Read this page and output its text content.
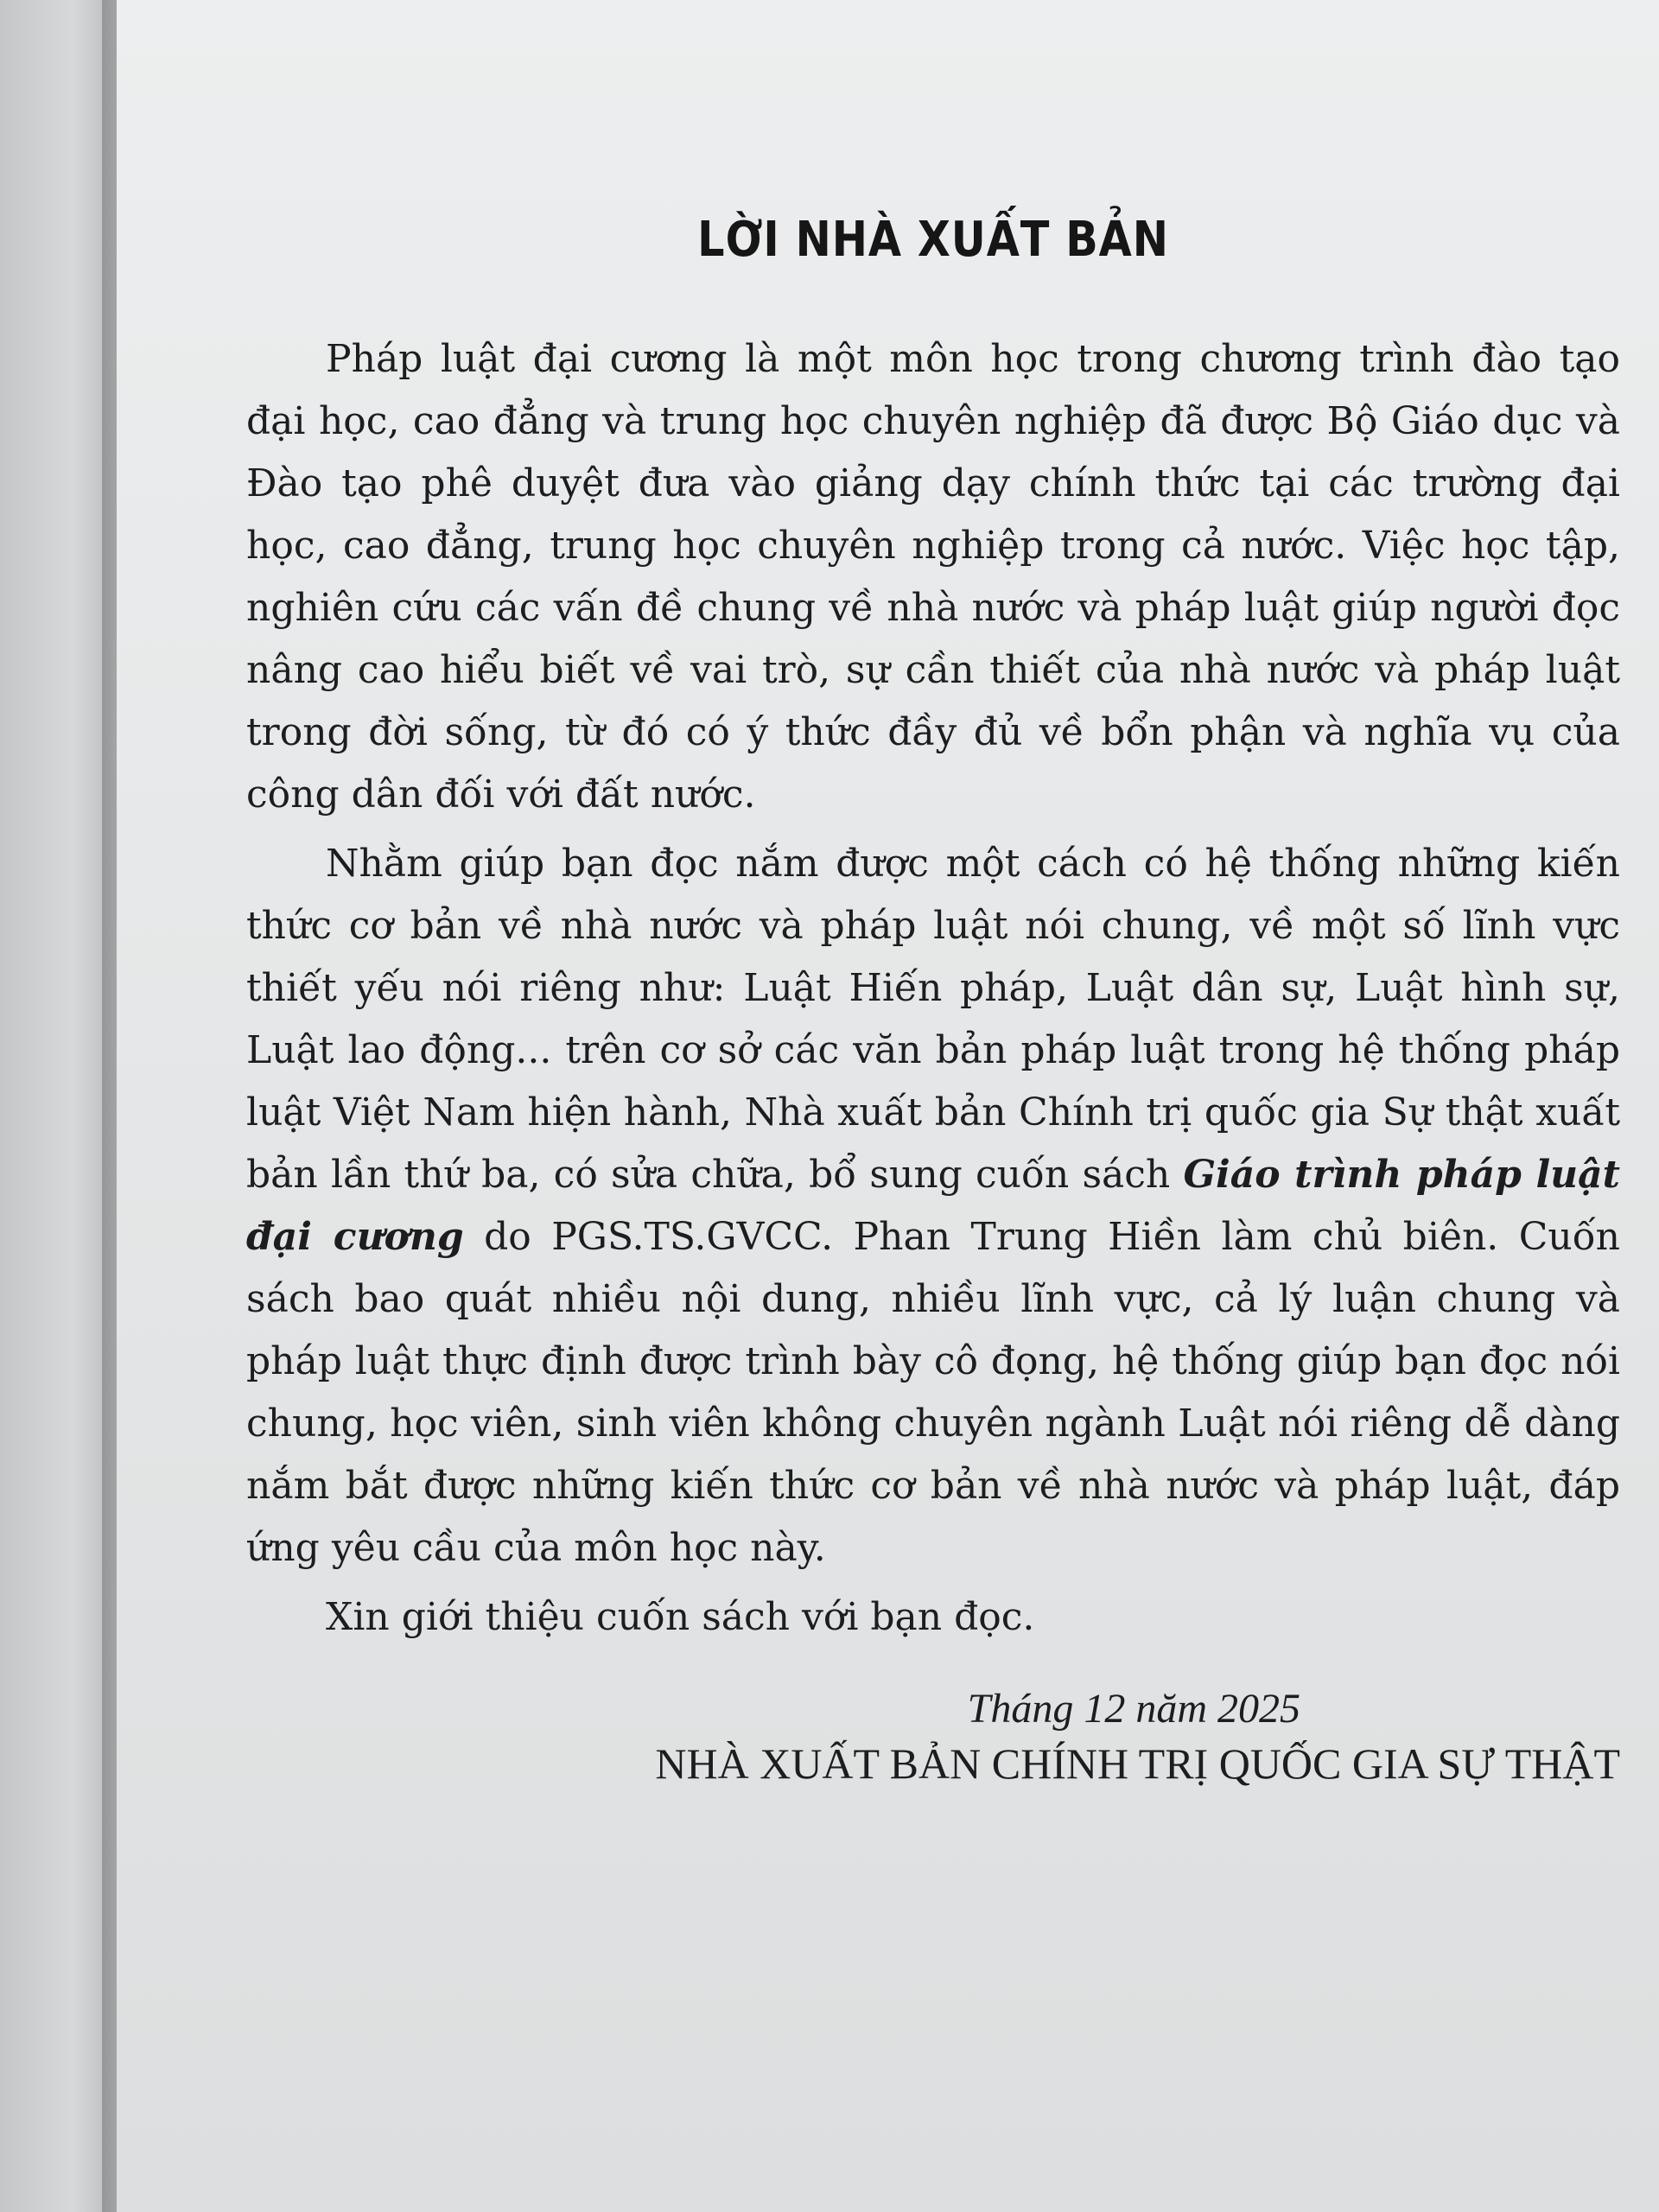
LỜI NHÀ XUẤT BẢN

Pháp luật đại cương là một môn học trong chương trình đào tạo đại học, cao đẳng và trung học chuyên nghiệp đã được Bộ Giáo dục và Đào tạo phê duyệt đưa vào giảng dạy chính thức tại các trường đại học, cao đẳng, trung học chuyên nghiệp trong cả nước. Việc học tập, nghiên cứu các vấn đề chung về nhà nước và pháp luật giúp người đọc nâng cao hiểu biết về vai trò, sự cần thiết của nhà nước và pháp luật trong đời sống, từ đó có ý thức đầy đủ về bổn phận và nghĩa vụ của công dân đối với đất nước.

Nhằm giúp bạn đọc nắm được một cách có hệ thống những kiến thức cơ bản về nhà nước và pháp luật nói chung, về một số lĩnh vực thiết yếu nói riêng như: Luật Hiến pháp, Luật dân sự, Luật hình sự, Luật lao động... trên cơ sở các văn bản pháp luật trong hệ thống pháp luật Việt Nam hiện hành, Nhà xuất bản Chính trị quốc gia Sự thật xuất bản lần thứ ba, có sửa chữa, bổ sung cuốn sách Giáo trình pháp luật đại cương do PGS.TS.GVCC. Phan Trung Hiền làm chủ biên. Cuốn sách bao quát nhiều nội dung, nhiều lĩnh vực, cả lý luận chung và pháp luật thực định được trình bày cô đọng, hệ thống giúp bạn đọc nói chung, học viên, sinh viên không chuyên ngành Luật nói riêng dễ dàng nắm bắt được những kiến thức cơ bản về nhà nước và pháp luật, đáp ứng yêu cầu của môn học này.

Xin giới thiệu cuốn sách với bạn đọc.

Tháng 12 năm 2025

NHÀ XUẤT BẢN CHÍNH TRỊ QUỐC GIA SỰ THẬT
